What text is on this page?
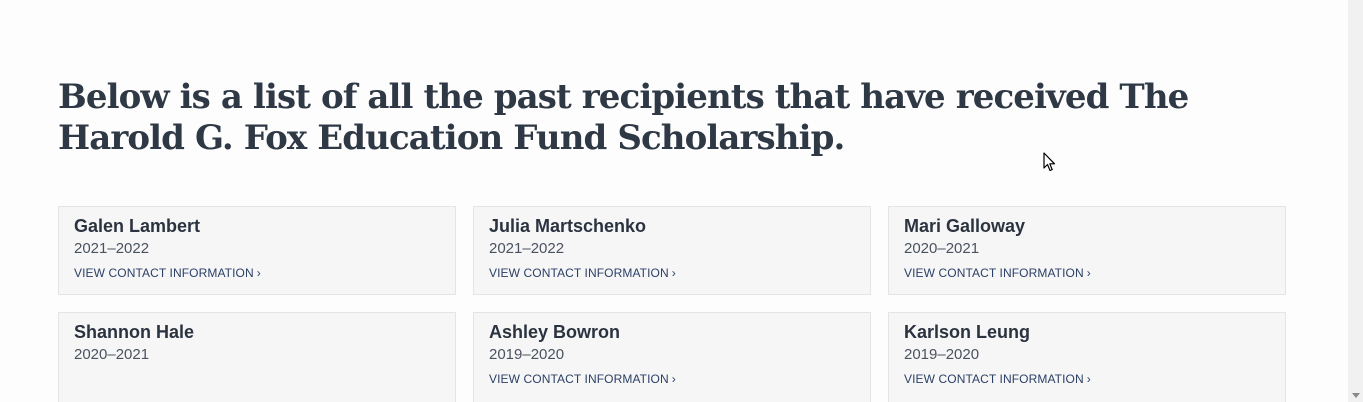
Below is a list of all the past recipients that have received The Harold G. Fox Education Fund Scholarship.
Galen Lambert
2021–2022
VIEW CONTACT INFORMATION ›
Julia Martschenko
2021–2022
VIEW CONTACT INFORMATION ›
Mari Galloway
2020–2021
VIEW CONTACT INFORMATION ›
Shannon Hale
2020–2021
Ashley Bowron
2019–2020
VIEW CONTACT INFORMATION ›
Karlson Leung
2019–2020
VIEW CONTACT INFORMATION ›
